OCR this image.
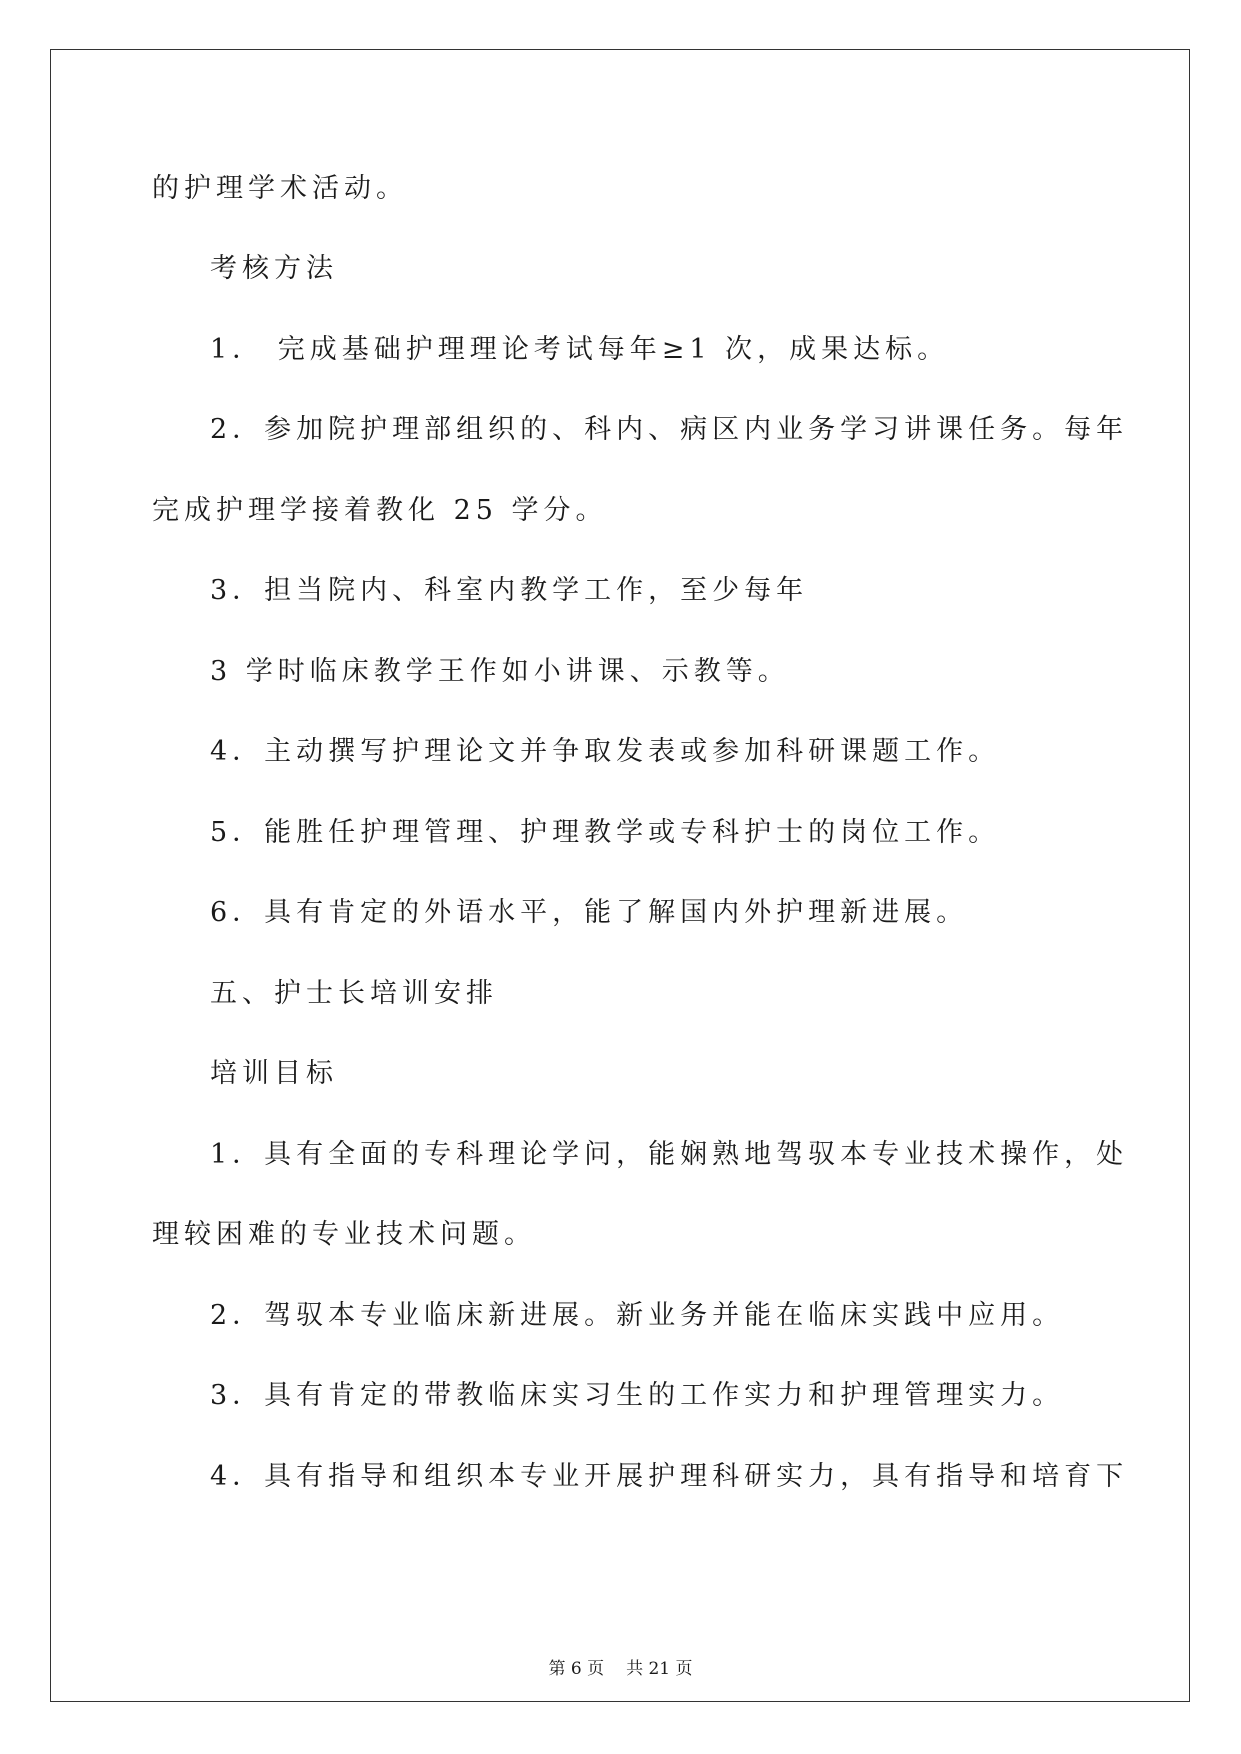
的护理学术活动。
考核方法
1． 完成基础护理理论考试每年≥1 次，成果达标。
2．参加院护理部组织的、科内、病区内业务学习讲课任务。每年
完成护理学接着教化 25 学分。
3．担当院内、科室内教学工作，至少每年
3 学时临床教学王作如小讲课、示教等。
4．主动撰写护理论文并争取发表或参加科研课题工作。
5．能胜任护理管理、护理教学或专科护士的岗位工作。
6．具有肯定的外语水平，能了解国内外护理新进展。
五、护士长培训安排
培训目标
1．具有全面的专科理论学问，能娴熟地驾驭本专业技术操作，处
理较困难的专业技术问题。
2．驾驭本专业临床新进展。新业务并能在临床实践中应用。
3．具有肯定的带教临床实习生的工作实力和护理管理实力。
4．具有指导和组织本专业开展护理科研实力，具有指导和培育下
第 6 页 共 21 页
